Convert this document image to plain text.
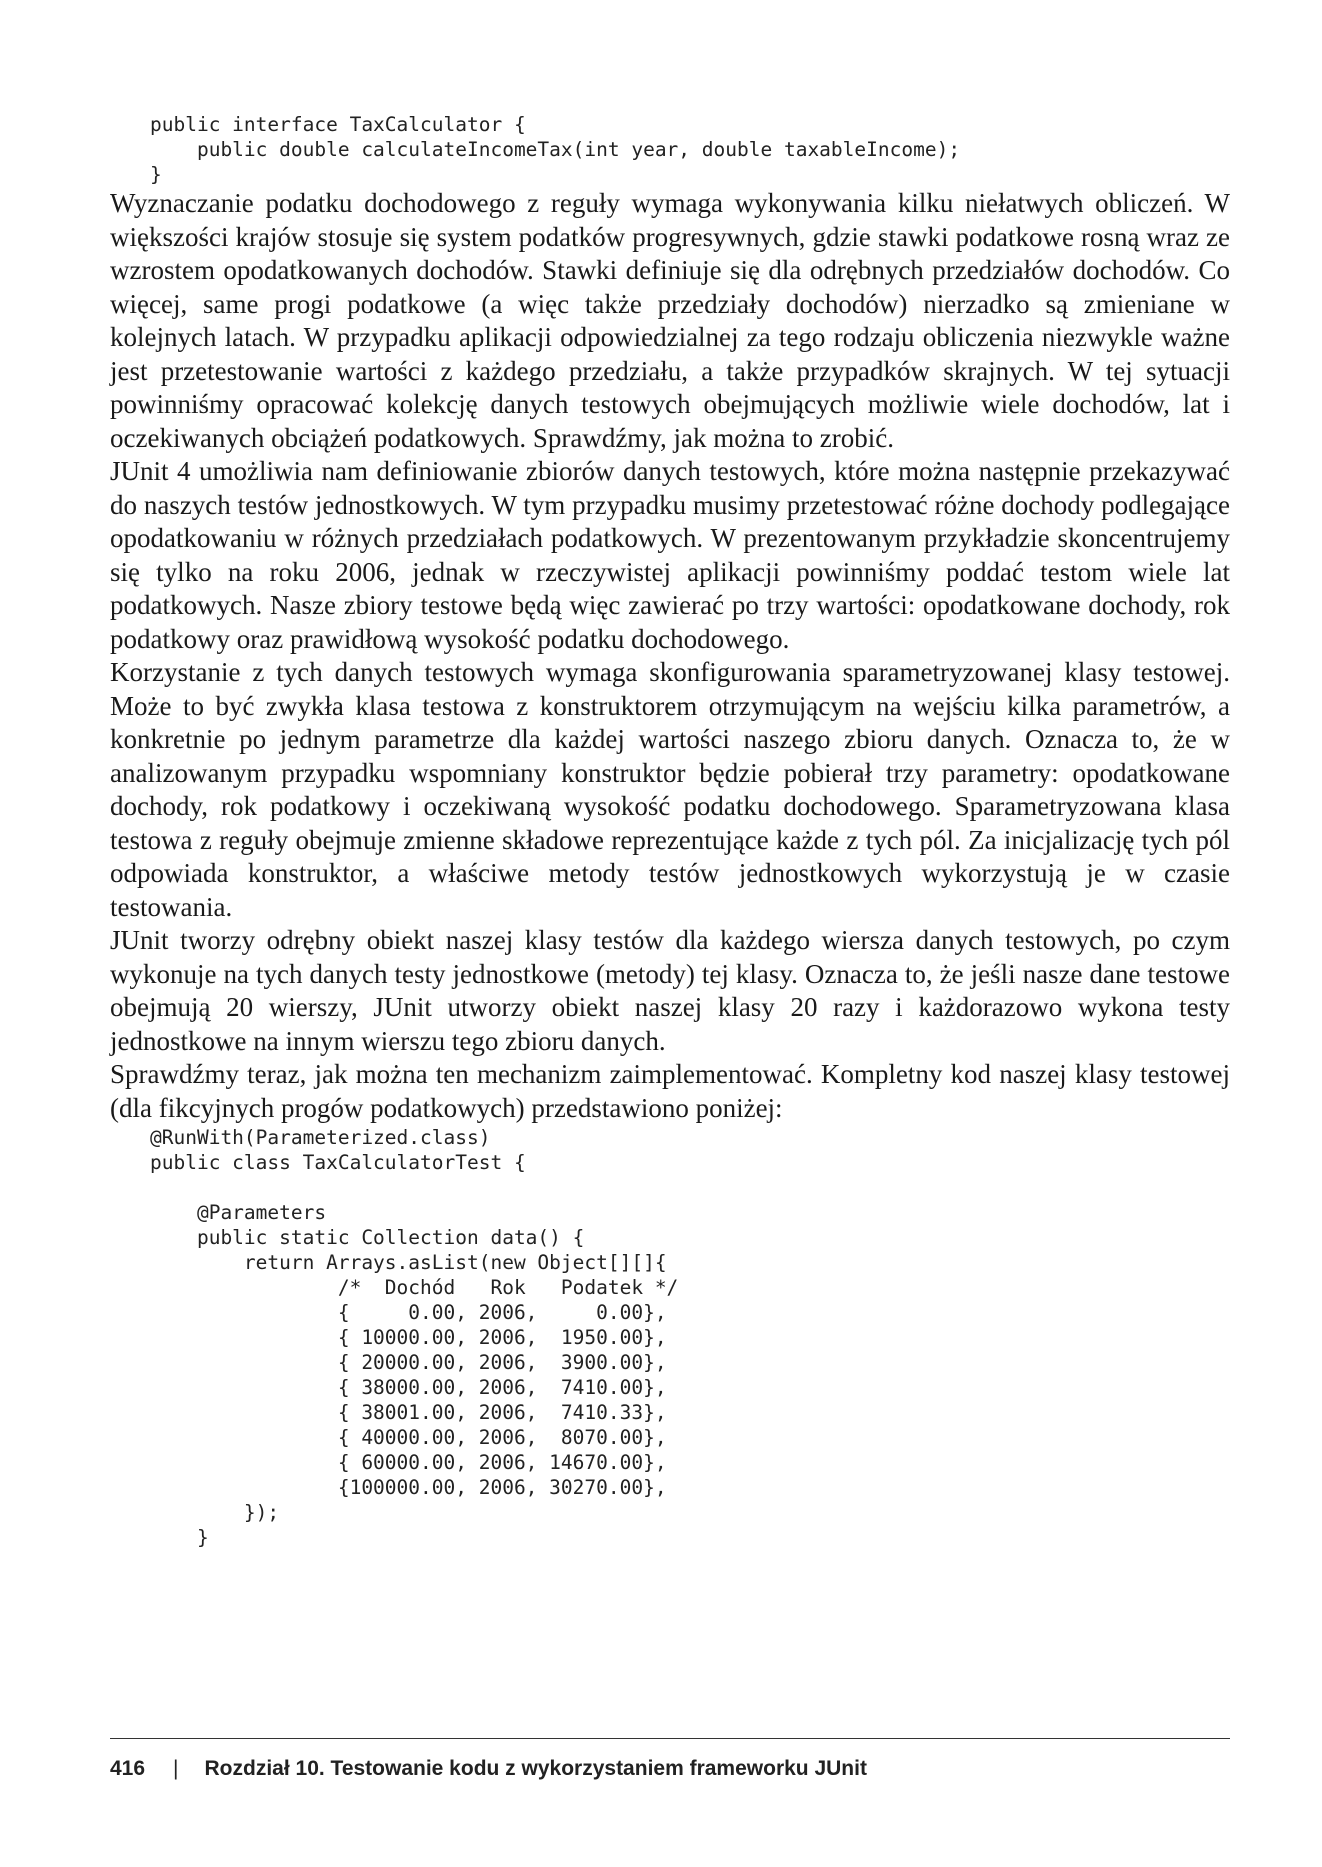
public interface TaxCalculator {
public double calculateIncomeTax(int year, double taxableIncome);
}

Wyznaczanie podatku dochodowego z reguły wymaga wykonywania kilku niełatwych obliczeń. W większości krajów stosuje się system podatków progresywnych, gdzie stawki podatkowe rosną wraz ze wzrostem opodatkowanych dochodów. Stawki definiuje się dla odrębnych przedziałów dochodów. Co więcej, same progi podatkowe (a więc także przedziały dochodów) nierzadko są zmieniane w kolejnych latach. W przypadku aplikacji odpowiedzialnej za tego rodzaju obliczenia niezwykle ważne jest przetestowanie wartości z każdego przedziału, a także przypadków skrajnych. W tej sytuacji powinniśmy opracować kolekcję danych testowych obejmujących możliwie wiele dochodów, lat i oczekiwanych obciążeń podatkowych. Sprawdźmy, jak można to zrobić.

JUnit 4 umożliwia nam definiowanie zbiorów danych testowych, które można następnie przekazywać do naszych testów jednostkowych. W tym przypadku musimy przetestować różne dochody podlegające opodatkowaniu w różnych przedziałach podatkowych. W prezentowanym przykładzie skoncentrujemy się tylko na roku 2006, jednak w rzeczywistej aplikacji powinniśmy poddać testom wiele lat podatkowych. Nasze zbiory testowe będą więc zawierać po trzy wartości: opodatkowane dochody, rok podatkowy oraz prawidłową wysokość podatku dochodowego.

Korzystanie z tych danych testowych wymaga skonfigurowania sparametryzowanej klasy testowej. Może to być zwykła klasa testowa z konstruktorem otrzymującym na wejściu kilka parametrów, a konkretnie po jednym parametrze dla każdej wartości naszego zbioru danych. Oznacza to, że w analizowanym przypadku wspomniany konstruktor będzie pobierał trzy parametry: opodatkowane dochody, rok podatkowy i oczekiwaną wysokość podatku dochodowego. Sparametryzowana klasa testowa z reguły obejmuje zmienne składowe reprezentujące każde z tych pól. Za inicjalizację tych pól odpowiada konstruktor, a właściwe metody testów jednostkowych wykorzystują je w czasie testowania.

JUnit tworzy odrębny obiekt naszej klasy testów dla każdego wiersza danych testowych, po czym wykonuje na tych danych testy jednostkowe (metody) tej klasy. Oznacza to, że jeśli nasze dane testowe obejmują 20 wierszy, JUnit utworzy obiekt naszej klasy 20 razy i każdorazowo wykona testy jednostkowe na innym wierszu tego zbioru danych.

Sprawdźmy teraz, jak można ten mechanizm zaimplementować. Kompletny kod naszej klasy testowej (dla fikcyjnych progów podatkowych) przedstawiono poniżej:

@RunWith(Parameterized.class)
public class TaxCalculatorTest {

@Parameters
public static Collection data() {
return Arrays.asList(new Object[][]{
/*  Dochód   Rok   Podatek */
{     0.00, 2006,     0.00},
{ 10000.00, 2006,  1950.00},
{ 20000.00, 2006,  3900.00},
{ 38000.00, 2006,  7410.00},
{ 38001.00, 2006,  7410.33},
{ 40000.00, 2006,  8070.00},
{ 60000.00, 2006, 14670.00},
{100000.00, 2006, 30270.00},
});
}
416 | Rozdział 10. Testowanie kodu z wykorzystaniem frameworku JUnit
